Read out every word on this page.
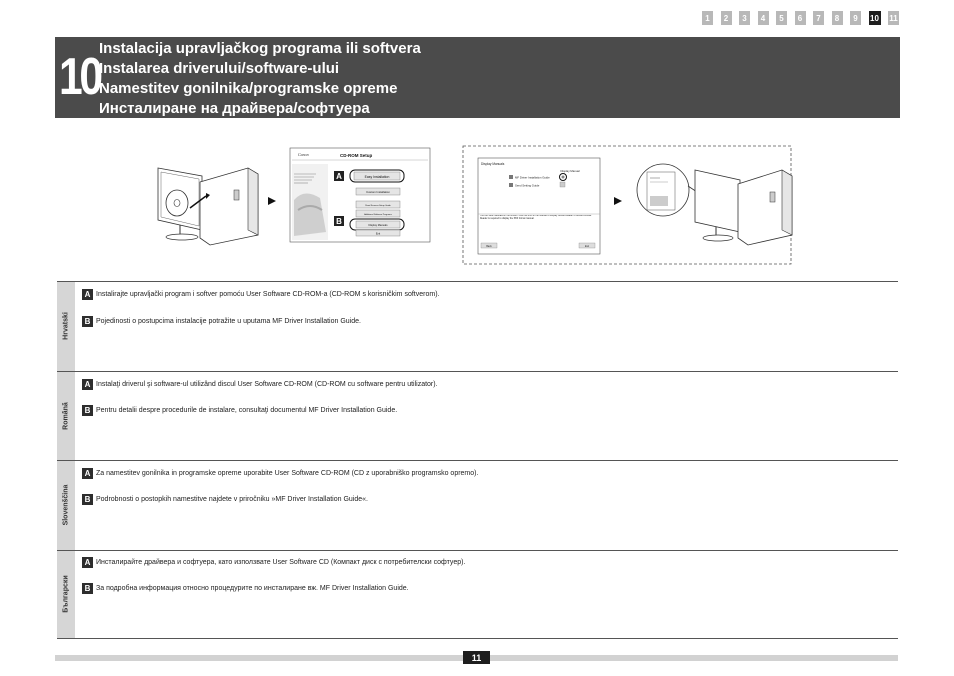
1	2	3	4	5	6	7	8	9	10 11
10 Instalacija upravljačkog programa ili softvera
Instalarea driverului/software-ului
Namestitev gonilnika/programske opreme
Инсталиране на драйвера/софтуера
Canon	CD-ROM Setup
Easy Installation
Custom Installation
Read Scanner Setup Guide
Additional Software Programs
Display Manuals
Exit
A
B
Display Manuals
Display Manual
MF Driver Installation Guide
Send Setting Guide
You can view manuals on the screen. Click the icon of the manual to display. Adobe Reader or Adobe Acrobat Reader is required to display the PDF format manual.
Back	Exit
Hrvatski
A Instalirajte upravljački program i softver pomoću User Software CD-ROM-a (CD-ROM s korisničkim softverom).
B Pojedinosti o postupcima instalacije potražite u uputama MF Driver Installation Guide.
Română
A Instalaţi driverul şi software-ul utilizând discul User Software CD-ROM (CD-ROM cu software pentru utilizator).
B Pentru detalii despre procedurile de instalare, consultaţi documentul MF Driver Installation Guide.
Slovenščina
A Za namestitev gonilnika in programske opreme uporabite User Software CD-ROM (CD z uporabniško programsko opremo).
B Podrobnosti o postopkih namestitve najdete v priročniku »MF Driver Installation Guide«.
Български
A Инсталирайте драйвера и софтуера, като използвате User Software CD (Компакт диск с потребителски софтуер).
B За подробна информация относно процедурите по инсталиране вж. MF Driver Installation Guide.
11
